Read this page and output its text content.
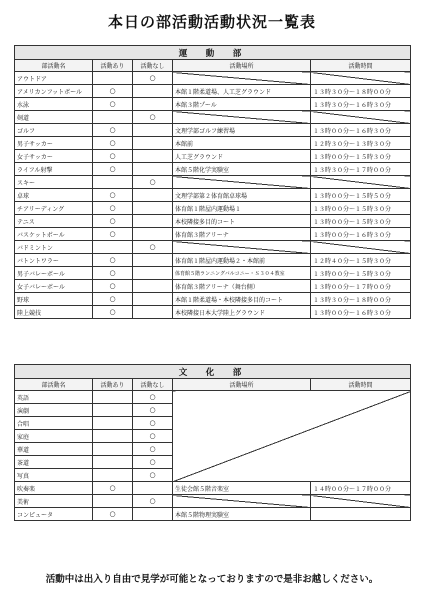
本日の部活動活動状況一覧表
運　動　部				
部活動名	活動あり	活動なし	活動場所	活動時間
アウトドア		○		
アメリカンフットボール	○		本館１階柔道場、人工芝グラウンド	１３時３０分～１８時００分
水泳	○		本館３階プール	１３時３０分～１６時３０分
剣道		○		
ゴルフ	○		文理学部ゴルフ練習場	１３時００分～１６時３０分
男子サッカー	○		本館前	１２時３０分～１３時３０分
女子サッカー	○		人工芝グラウンド	１３時００分～１５時３０分
ライフル射撃	○		本館５階化学実験室	１３時３０分～１７時００分
スキー		○		
卓球	○		文理学部第２体育館卓球場	１３時００分～１５時５０分
チアリーディング	○		体育館１階屋内運動場１	１３時００分～１５時３０分
テニス	○		本校隣接多目的コート	１３時００分～１５時３０分
バスケットボール	○		体育館３階アリーナ	１３時００分～１６時３０分
バドミントン		○		
バトントワラー	○		体育館１階屋内運動場２・本館前	１２時４０分～１５時３０分
男子バレーボール	○		体育館５階ランニングバルコニー・Ｓ３０４教室	１３時００分～１５時３０分
女子バレーボール	○		体育館３階アリーナ（舞台側）	１３時００分～１７時００分
野球	○		本館１階柔道場・本校隣接多目的コート	１３時３０分～１８時００分
陸上競技	○		本校隣接日本大学陸上グラウンド	１３時００分～１６時３０分
文　化　部				
部活動名	活動あり	活動なし	活動場所	活動時間
英語		○		
演劇		○		
合唱		○		
家庭		○		
華道		○		
茶道		○		
写真		○		
吹奏楽	○		生徒会館５階音楽室	１４時００分～１７時００分
美術		○		
コンピュータ	○		本館５階物理実験室	
活動中は出入り自由で見学が可能となっておりますので是非お越しください。
